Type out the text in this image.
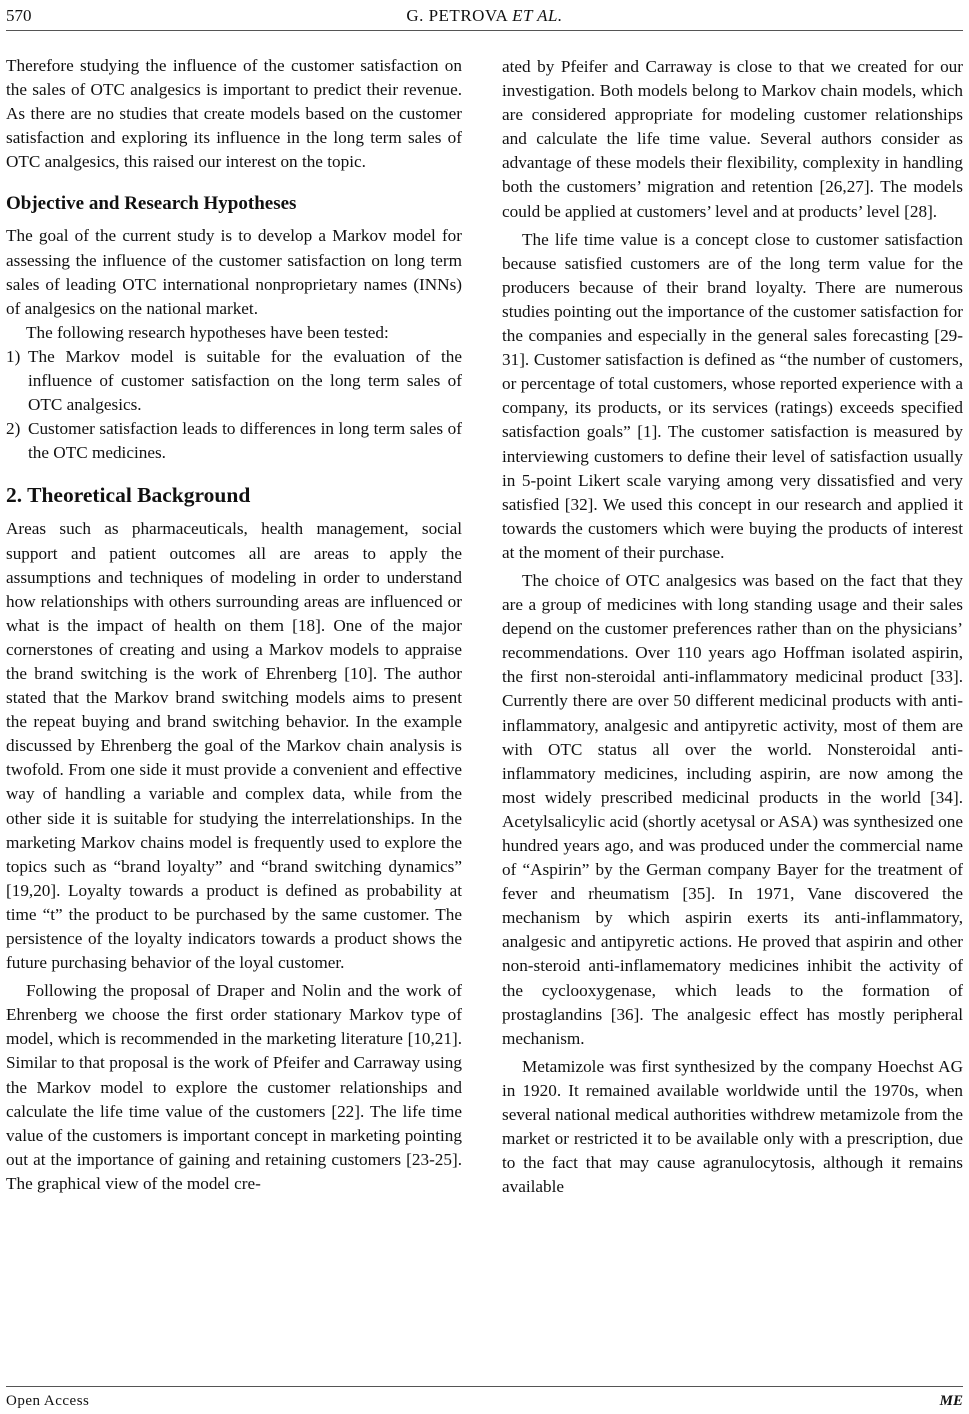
570	G. PETROVA ET AL.

Therefore studying the influence of the customer satisfaction on the sales of OTC analgesics is important to predict their revenue. As there are no studies that create models based on the customer satisfaction and exploring its influence in the long term sales of OTC analgesics, this raised our interest on the topic.

Objective and Research Hypotheses

The goal of the current study is to develop a Markov model for assessing the influence of the customer satisfaction on long term sales of leading OTC international nonproprietary names (INNs) of analgesics on the national market.

The following research hypotheses have been tested:

1) The Markov model is suitable for the evaluation of the influence of customer satisfaction on the long term sales of OTC analgesics.
2) Customer satisfaction leads to differences in long term sales of the OTC medicines.
2. Theoretical Background

Areas such as pharmaceuticals, health management, social support and patient outcomes all are areas to apply the assumptions and techniques of modeling in order to understand how relationships with others surrounding areas are influenced or what is the impact of health on them [18]. One of the major cornerstones of creating and using a Markov models to appraise the brand switching is the work of Ehrenberg [10]. The author stated that the Markov brand switching models aims to present the repeat buying and brand switching behavior. In the example discussed by Ehrenberg the goal of the Markov chain analysis is twofold. From one side it must provide a convenient and effective way of handling a variable and complex data, while from the other side it is suitable for studying the interrelationships. In the marketing Markov chains model is frequently used to explore the topics such as “brand loyalty” and “brand switching dynamics” [19,20]. Loyalty towards a product is defined as probability at time “t” the product to be purchased by the same customer. The persistence of the loyalty indicators towards a product shows the future purchasing behavior of the loyal customer.

Following the proposal of Draper and Nolin and the work of Ehrenberg we choose the first order stationary Markov type of model, which is recommended in the marketing literature [10,21]. Similar to that proposal is the work of Pfeifer and Carraway using the Markov model to explore the customer relationships and calculate the life time value of the customers [22]. The life time value of the customers is important concept in marketing pointing out at the importance of gaining and retaining customers [23-25]. The graphical view of the model cre-

ated by Pfeifer and Carraway is close to that we created for our investigation. Both models belong to Markov chain models, which are considered appropriate for modeling customer relationships and calculate the life time value. Several authors consider as advantage of these models their flexibility, complexity in handling both the customers’ migration and retention [26,27]. The models could be applied at customers’ level and at products’ level [28].

The life time value is a concept close to customer satisfaction because satisfied customers are of the long term value for the producers because of their brand loyalty. There are numerous studies pointing out the importance of the customer satisfaction for the companies and especially in the general sales forecasting [29-31]. Customer satisfaction is defined as “the number of customers, or percentage of total customers, whose reported experience with a company, its products, or its services (ratings) exceeds specified satisfaction goals” [1]. The customer satisfaction is measured by interviewing customers to define their level of satisfaction usually in 5-point Likert scale varying among very dissatisfied and very satisfied [32]. We used this concept in our research and applied it towards the customers which were buying the products of interest at the moment of their purchase.

The choice of OTC analgesics was based on the fact that they are a group of medicines with long standing usage and their sales depend on the customer preferences rather than on the physicians’ recommendations. Over 110 years ago Hoffman isolated aspirin, the first non-steroidal anti-inflammatory medicinal product [33]. Currently there are over 50 different medicinal products with anti-inflammatory, analgesic and antipyretic activity, most of them are with OTC status all over the world. Nonsteroidal anti-inflammatory medicines, including aspirin, are now among the most widely prescribed medicinal products in the world [34]. Acetylsalicylic acid (shortly acetysal or ASA) was synthesized one hundred years ago, and was produced under the commercial name of “Aspirin” by the German company Bayer for the treatment of fever and rheumatism [35]. In 1971, Vane discovered the mechanism by which aspirin exerts its anti-inflammatory, analgesic and antipyretic actions. He proved that aspirin and other non-steroid anti-inflamematory medicines inhibit the activity of the cyclooxygenase, which leads to the formation of prostaglandins [36]. The analgesic effect has mostly peripheral mechanism.

Metamizole was first synthesized by the company Hoechst AG in 1920. It remained available worldwide until the 1970s, when several national medical authorities withdrew metamizole from the market or restricted it to be available only with a prescription, due to the fact that may cause agranulocytosis, although it remains available

Open Access	ME
